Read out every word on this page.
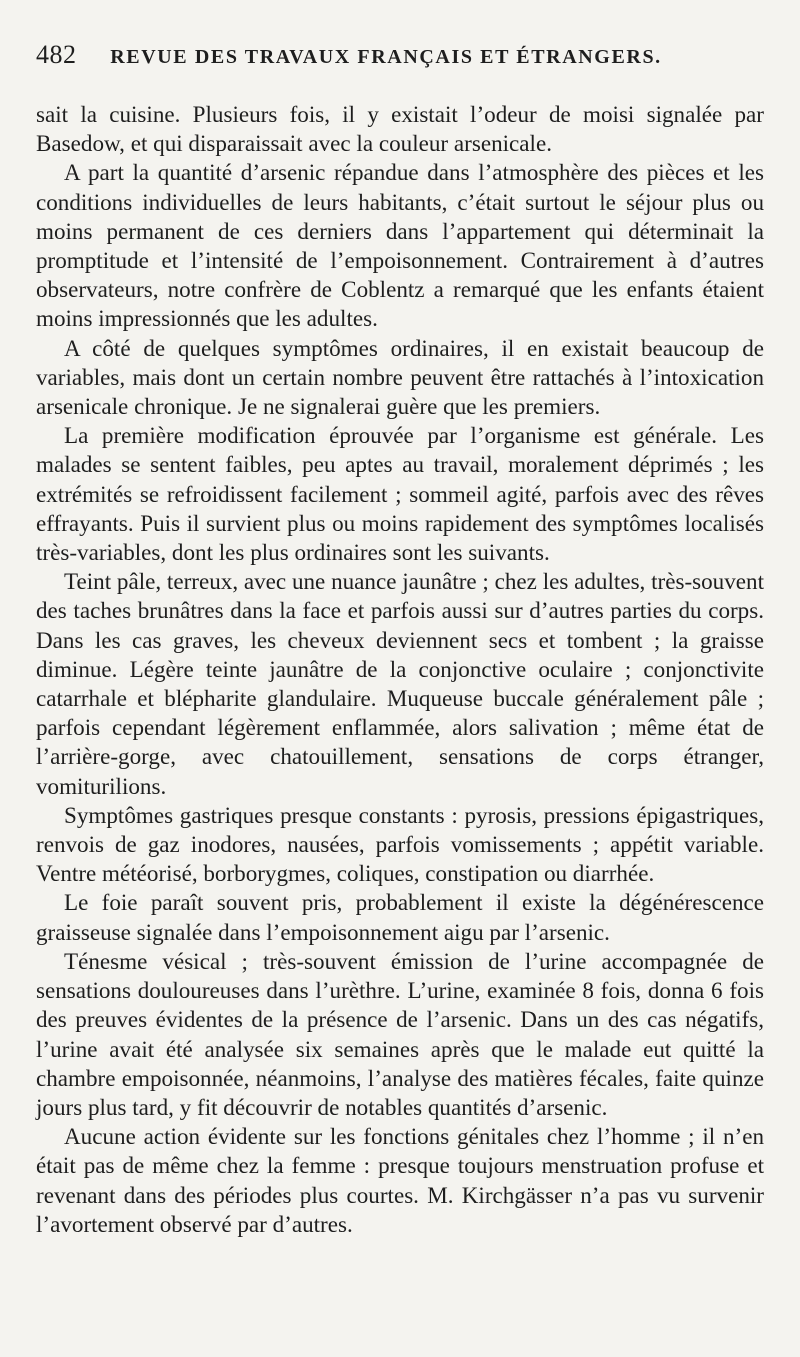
482	REVUE DES TRAVAUX FRANÇAIS ET ÉTRANGERS.

sait la cuisine. Plusieurs fois, il y existait l’odeur de moisi signalée par Basedow, et qui disparaissait avec la couleur arsenicale.

A part la quantité d’arsenic répandue dans l’atmosphère des pièces et les conditions individuelles de leurs habitants, c’était surtout le séjour plus ou moins permanent de ces derniers dans l’appartement qui déterminait la promptitude et l’intensité de l’empoisonnement. Contrairement à d’autres observateurs, notre confrère de Coblentz a remarqué que les enfants étaient moins impressionnés que les adultes.

A côté de quelques symptômes ordinaires, il en existait beaucoup de variables, mais dont un certain nombre peuvent être rattachés à l’intoxication arsenicale chronique. Je ne signalerai guère que les premiers.

La première modification éprouvée par l’organisme est générale. Les malades se sentent faibles, peu aptes au travail, moralement déprimés ; les extrémités se refroidissent facilement ; sommeil agité, parfois avec des rêves effrayants. Puis il survient plus ou moins rapidement des symptômes localisés très-variables, dont les plus ordinaires sont les suivants.

Teint pâle, terreux, avec une nuance jaunâtre ; chez les adultes, très-souvent des taches brunâtres dans la face et parfois aussi sur d’autres parties du corps. Dans les cas graves, les cheveux deviennent secs et tombent ; la graisse diminue. Légère teinte jaunâtre de la conjonctive oculaire ; conjonctivite catarrhale et blépharite glandulaire. Muqueuse buccale généralement pâle ; parfois cependant légèrement enflammée, alors salivation ; même état de l’arrière-gorge, avec chatouillement, sensations de corps étranger, vomiturilions.

Symptômes gastriques presque constants : pyrosis, pressions épigastriques, renvois de gaz inodores, nausées, parfois vomissements ; appétit variable. Ventre météorisé, borborygmes, coliques, constipation ou diarrhée.

Le foie paraît souvent pris, probablement il existe la dégénérescence graisseuse signalée dans l’empoisonnement aigu par l’arsenic.

Ténesme vésical ; très-souvent émission de l’urine accompagnée de sensations douloureuses dans l’urèthre. L’urine, examinée 8 fois, donna 6 fois des preuves évidentes de la présence de l’arsenic. Dans un des cas négatifs, l’urine avait été analysée six semaines après que le malade eut quitté la chambre empoisonnée, néanmoins, l’analyse des matières fécales, faite quinze jours plus tard, y fit découvrir de notables quantités d’arsenic.

Aucune action évidente sur les fonctions génitales chez l’homme ; il n’en était pas de même chez la femme : presque toujours menstruation profuse et revenant dans des périodes plus courtes. M. Kirchgässer n’a pas vu survenir l’avortement observé par d’autres.
